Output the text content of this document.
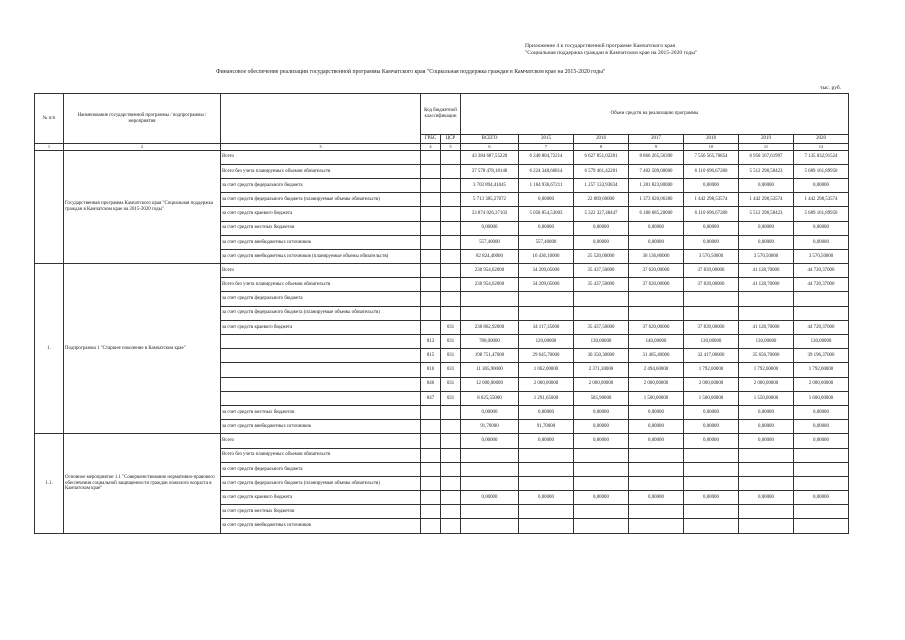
Приложение 4 к государственной программе Камчатского края
"Социальная поддержка граждан в Камчатском крае на 2015-2020 годы"
Финансовое обеспечение реализации государственной программы Камчатского края "Социальная поддержка граждан в Камчатском крае на 2015-2020 годы"
тыс. руб.
№ п/п	Наименование государственной программы / подпрограммы / мероприятия		Код бюджетной классификации		Объем средств на реализацию программы						
			ГРБС	ЦСР	ВСЕГО	2015	2016	2017	2018	2019	2020
1	2	3	4	5	6	7	8	9	10	11	12
	Государственная программа Камчатского края "Социальная поддержка граждан в Камчатском крае на 2015-2020 годы"	Всего			43 384 687,55220	6 240 804,72214	6 627 851,02281	8 866 265,56390	7 556 565,70854	6 958 167,61997	7 135 032,91524
		Всего без учета планируемых объемов обязательств			37 578 478,18148	6 224 348,60814	6 579 461,42281	7 402 509,00000	6 110 696,67280	5 512 298,58423	5 689 161,89950
		за счет средств федерального бюджета			3 703 894,41045	1 164 936,67211	1 257 133,93834	1 281 823,80000	0,00000	0,00000	0,00000
		за счет средств федерального бюджета (планируемые объемы обязательств)			5 713 385,27072	0,00000	22 869,60000	1 373 020,06380	1 442 298,53574	1 442 298,53574	1 442 298,53574
		за счет средств краевого бюджета			33 874 026,37103	5 058 854,53003	5 322 327,48447	6 180 685,20000	6 110 696,67280	5 512 298,58423	5 689 161,89950
		за счет средств местных бюджетов			0,00000	0,00000	0,00000	0,00000	0,00000	0,00000	0,00000
		за счет средств внебюджетных источников			557,40000	557,40000	0,00000	0,00000	0,00000	0,00000	0,00000
		за счет средств внебюджетных источников (планируемые объемы обязательств)			82 824,40000	16 436,10000	25 520,00000	30 136,80000	3 570,50000	3 570,50000	3 570,50000
1.	Подпрограмма 1 "Старшее поколение в Камчатском крае"	Всего			230 954,62000	34 209,05000	35 437,50000	37 620,00000	37 839,00000	41 128,70000	44 720,37000
		Всего без учета планируемых объемов обязательств			230 954,62000	34 209,05000	35 437,50000	37 620,00000	37 839,00000	41 128,70000	44 720,37000
		за счет средств федерального бюджета									
		за счет средств федерального бюджета (планируемые объемы обязательств)									
		за счет средств краевого бюджета		031	230 862,92000	34 117,35000	35 437,50000	37 620,00000	37 839,00000	41 128,70000	44 720,37000
			813	031	780,00000	120,00000	130,00000	140,00000	130,00000	130,00000	130,00000
			815	031	198 751,47000	29 645,70000	30 350,30000	31 485,40000	32 417,00000	35 656,70000	39 196,37000
			816	031	11 305,90000	1 062,00000	2 371,30000	2 494,60000	1 792,00000	1 792,00000	1 792,00000
			846	031	12 000,00000	2 000,00000	2 000,00000	2 000,00000	2 000,00000	2 000,00000	2 000,00000
			847	031	8 025,55000	1 291,65000	585,90000	1 500,00000	1 500,00000	1 550,00000	1 600,00000
		за счет средств местных бюджетов			0,00000	0,00000	0,00000	0,00000	0,00000	0,00000	0,00000
		за счет средств внебюджетных источников			91,70000	91,70000	0,00000	0,00000	0,00000	0,00000	0,00000
1.1.	Основное мероприятие 1.1 "Совершенствование нормативно-правового обеспечения социальной защищенности граждан пожилого возраста в Камчатском крае"	Всего			0,00000	0,00000	0,00000	0,00000	0,00000	0,00000	0,00000
		Всего без учета планируемых объемов обязательств									
		за счет средств федерального бюджета									
		за счет средств федерального бюджета (планируемые объемы обязательств)									
		за счет средств краевого бюджета			0,00000	0,00000	0,00000	0,00000	0,00000	0,00000	0,00000
		за счет средств местных бюджетов									
		за счет средств внебюджетных источников									
